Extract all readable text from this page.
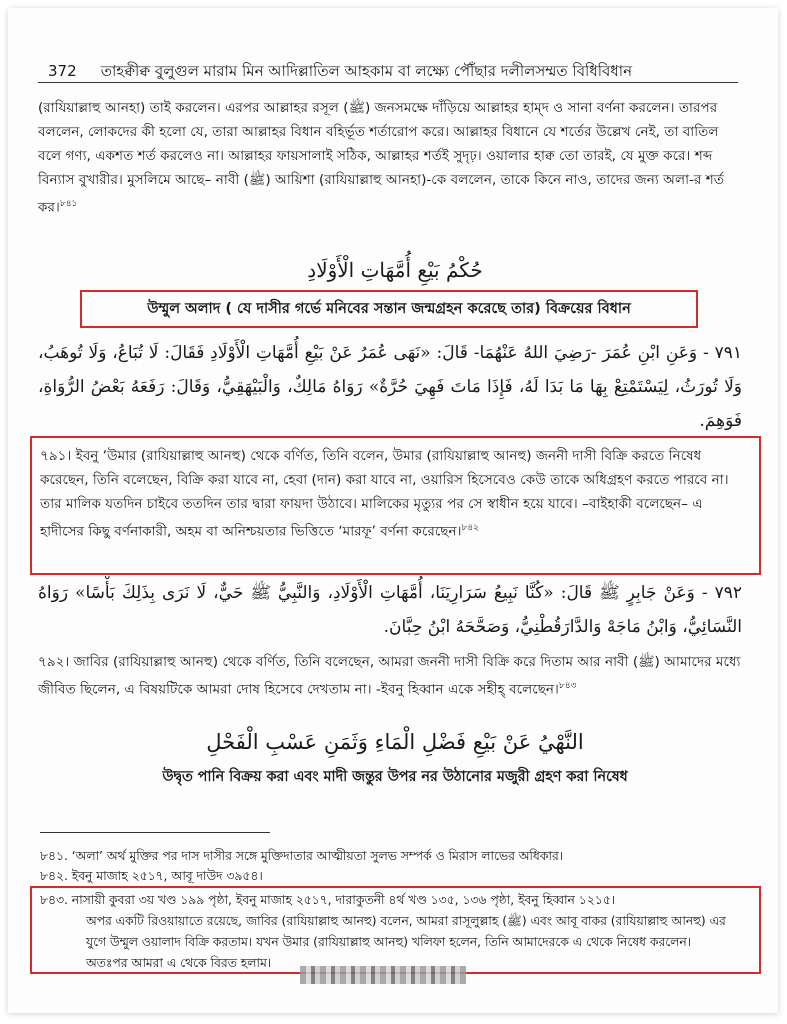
372 তাহক্বীক্ব বুলুগুল মারাম মিন আদিল্লাতিল আহকাম বা লক্ষ্যে পৌঁছার দলীলসম্মত বিধিবিধান
(রাযিয়াল্লাহু আনহা) তাই করলেন। এরপর আল্লাহর রসূল (ﷺ) জনসমক্ষে দাঁড়িয়ে আল্লাহর হাম্‌দ ও সানা বর্ণনা করলেন। তারপর বললেন, লোকদের কী হলো যে, তারা আল্লাহর বিধান বহির্ভূত শর্তারোপ করে। আল্লাহর বিধানে যে শর্তের উল্লেখ নেই, তা বাতিল বলে গণ্য, একশত শর্ত করলেও না। আল্লাহর ফায়সালাই সঠিক, আল্লাহর শর্তই সুদৃঢ়। ওয়ালার হাক্ব তো তারই, যে মুক্ত করে। শব্দ বিন্যাস বুখারীর। মুসলিমে আছে– নাবী (ﷺ) আয়িশা (রাযিয়াল্লাহু আনহা)-কে বললেন, তাকে কিনে নাও, তাদের জন্য অলা-র শর্ত কর।$^{৮৪১}$
حُكْمُ بَيْعِ أُمَّهَاتِ الْأَوْلَادِ
উম্মুল অলাদ ( যে দাসীর গর্ভে মনিবের সন্তান জন্মগ্রহন করেছে তার) বিক্রয়ের বিধান
٧٩١ - وَعَنِ ابْنِ عُمَرَ -رَضِيَ اللهُ عَنْهُمَا- قَالَ: «نَهَى عُمَرُ عَنْ بَيْعِ أُمَّهَاتِ الْأَوْلَادِ فَقَالَ: لَا تُبَاعُ، وَلَا تُوهَبُ، وَلَا تُورَثُ، لِيَسْتَمْتِعْ بِهَا مَا بَدَا لَهُ، فَإِذَا مَاتَ فَهِيَ حُرَّةٌ» رَوَاهُ مَالِكٌ، وَالْبَيْهَقِيُّ، وَقَالَ: رَفَعَهُ بَعْضُ الرُّوَاةِ، فَوَهِمَ.
৭৯১। ইবনু ‘উমার (রাযিয়াল্লাহু আনহু) থেকে বর্ণিত, তিনি বলেন, উমার (রাযিয়াল্লাহু আনহু) জননী দাসী বিক্রি করতে নিষেধ করেছেন, তিনি বলেছেন, বিক্রি করা যাবে না, হেবা (দান) করা যাবে না, ওয়ারিস হিসেবেও কেউ তাকে অধিগ্রহণ করতে পারবে না। তার মালিক যতদিন চাইবে ততদিন তার দ্বারা ফায়দা উঠাবে। মালিকের মৃত্যুর পর সে স্বাধীন হয়ে যাবে। –বাইহাকী বলেছেন– এ হাদীসের কিছু বর্ণনাকারী, অহম বা অনিশ্চয়তার ভিত্তিতে ‘মারফূ’ বর্ণনা করেছেন।$^{৮৪২}$
٧٩٢ - وَعَنْ جَابِرٍ ﷺ قَالَ: «كُنَّا نَبِيعُ سَرَارِيَنَا، أُمَّهَاتِ الْأَوْلَادِ، وَالنَّبِيُّ ﷺ حَيٌّ، لَا نَرَى بِذَلِكَ بَأْسًا» رَوَاهُ النَّسَائِيُّ، وَابْنُ مَاجَهْ وَالدَّارَقُطْنِيُّ، وَصَحَّحَهُ ابْنُ حِبَّانَ.
৭৯২। জাবির (রাযিয়াল্লাহু আনহু) থেকে বর্ণিত, তিনি বলেছেন, আমরা জননী দাসী বিক্রি করে দিতাম আর নাবী (ﷺ) আমাদের মধ্যে জীবিত ছিলেন, এ বিষয়টিকে আমরা দোষ হিসেবে দেখতাম না। -ইবনু হিব্বান একে সহীহ্ বলেছেন।$^{৮৪৩}$
النَّهْيُ عَنْ بَيْعِ فَضْلِ الْمَاءِ وَثَمَنِ عَسْبِ الْفَحْلِ
উদ্বৃত পানি বিক্রয় করা এবং মাদী জন্তুর উপর নর উঠানোর মজুরী গ্রহণ করা নিষেধ
৮৪১. ‘অলা’ অর্থ মুক্তির পর দাস দাসীর সঙ্গে মুক্তিদাতার আত্মীয়তা সুলভ সম্পর্ক ও মিরাস লাভের অধিকার।
৮৪২. ইবনু মাজাহ ২৫১৭, আবূ দাউদ ৩৯৫৪।
৮৪৩. নাসায়ী কুবরা ৩য় খণ্ড ১৯৯ পৃষ্ঠা, ইবনু মাজাহ ২৫১৭, দারাকুতনী ৪র্থ খণ্ড ১৩৫, ১৩৬ পৃষ্ঠা, ইবনু হিব্বান ১২১৫।
অপর একটি রিওয়ায়াতে রয়েছে, জাবির (রাযিয়াল্লাহু আনহু) বলেন, আমরা রাসূলুল্লাহ (ﷺ) এবং আবূ বাকর (রাযিয়াল্লাহু আনহু) এর যুগে উম্মুল ওয়ালাদ বিক্রি করতাম। যখন উমার (রাযিয়াল্লাহু আনহু) খলিফা হলেন, তিনি আমাদেরকে এ থেকে নিষেধ করলেন। অতঃপর আমরা এ থেকে বিরত হলাম।
